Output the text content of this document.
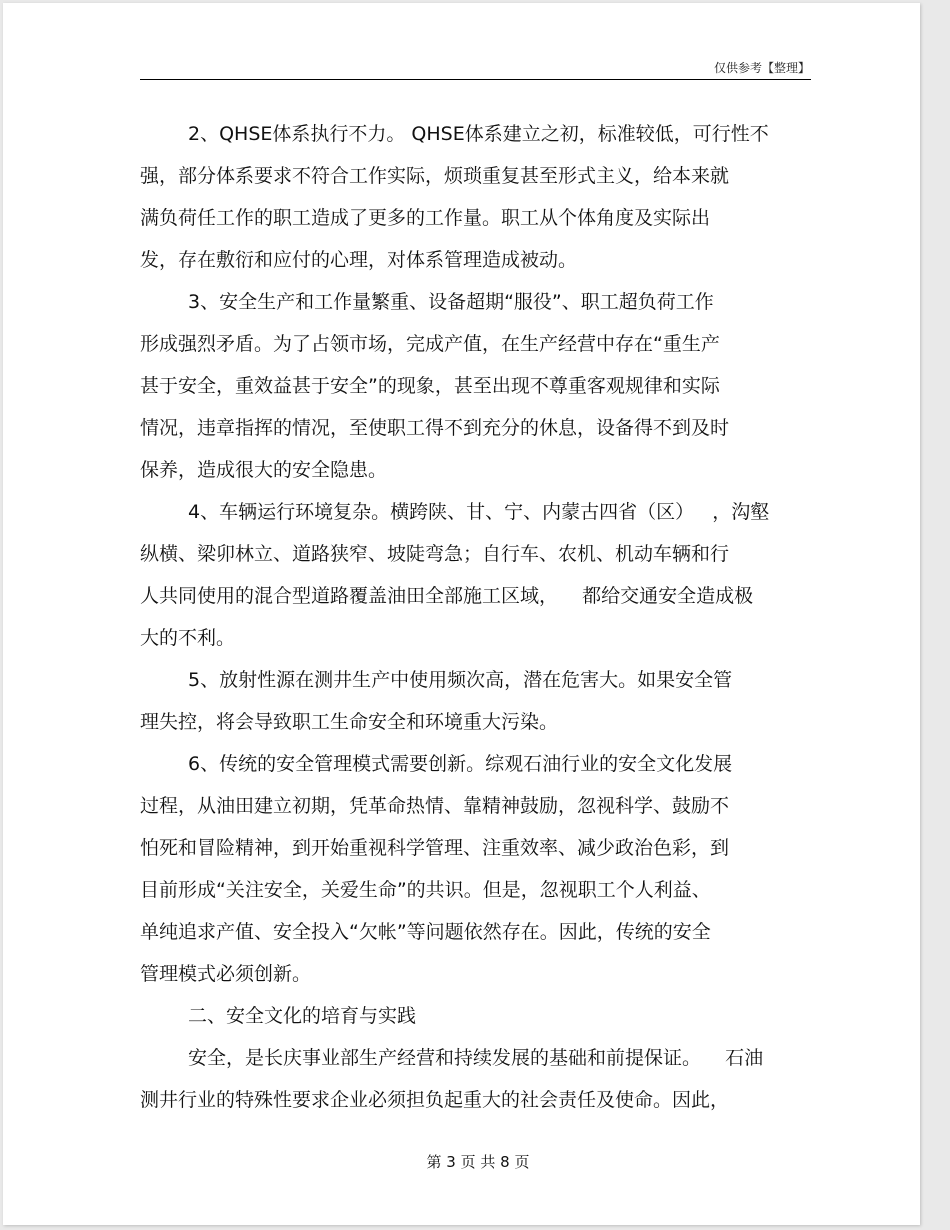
仅供参考【整理】
2、QHSE体系执行不力。 QHSE体系建立之初，标准较低，可行性不
强，部分体系要求不符合工作实际，烦琐重复甚至形式主义，给本来就
满负荷任工作的职工造成了更多的工作量。职工从个体角度及实际出
发，存在敷衍和应付的心理，对体系管理造成被动。
3、安全生产和工作量繁重、设备超期“服役”、职工超负荷工作
形成强烈矛盾。为了占领市场，完成产值，在生产经营中存在“重生产
甚于安全，重效益甚于安全”的现象，甚至出现不尊重客观规律和实际
情况，违章指挥的情况，至使职工得不到充分的休息，设备得不到及时
保养，造成很大的安全隐患。
4、车辆运行环境复杂。横跨陕、甘、宁、内蒙古四省（区）   ，沟壑
纵横、梁卯林立、道路狭窄、坡陡弯急；自行车、农机、机动车辆和行
人共同使用的混合型道路覆盖油田全部施工区域，    都给交通安全造成极
大的不利。
5、放射性源在测井生产中使用频次高，潜在危害大。如果安全管
理失控，将会导致职工生命安全和环境重大污染。
6、传统的安全管理模式需要创新。综观石油行业的安全文化发展
过程，从油田建立初期，凭革命热情、靠精神鼓励，忽视科学、鼓励不
怕死和冒险精神，到开始重视科学管理、注重效率、减少政治色彩，到
目前形成“关注安全，关爱生命”的共识。但是，忽视职工个人利益、
单纯追求产值、安全投入“欠帐”等问题依然存在。因此，传统的安全
管理模式必须创新。
二、安全文化的培育与实践
安全，是长庆事业部生产经营和持续发展的基础和前提保证。    石油
测井行业的特殊性要求企业必须担负起重大的社会责任及使命。因此，
第 3 页 共 8 页
